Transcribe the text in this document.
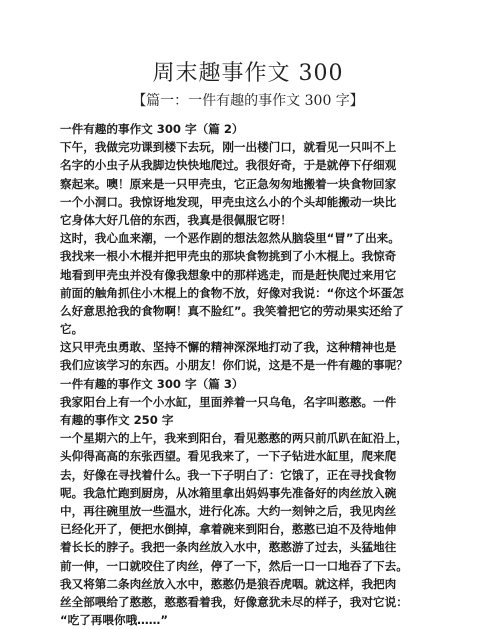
周末趣事作文 300
【篇一：一件有趣的事作文 300 字】
一件有趣的事作文 300 字（篇 2）
下午，我做完功课到楼下去玩，刚一出楼门口，就看见一只叫不上
名字的小虫子从我脚边快快地爬过。我很好奇，于是就停下仔细观
察起来。噢！原来是一只甲壳虫，它正急匆匆地搬着一块食物回家
一个小洞口。我惊讶地发现，甲壳虫这么小的个头却能搬动一块比
它身体大好几倍的东西，我真是很佩服它呀！
这时，我心血来潮，一个恶作剧的想法忽然从脑袋里“冒”了出来。
我找来一根小木棍并把甲壳虫的那块食物挑到了小木棍上。我惊奇
地看到甲壳虫并没有像我想象中的那样逃走，而是赶快爬过来用它
前面的触角抓住小木棍上的食物不放，好像对我说：“你这个坏蛋怎
么好意思抢我的食物啊！真不脸红”。我笑着把它的劳动果实还给了
它。
这只甲壳虫勇敢、坚持不懈的精神深深地打动了我，这种精神也是
我们应该学习的东西。小朋友！你们说，这是不是一件有趣的事呢？
一件有趣的事作文 300 字（篇 3）
我家阳台上有一个小水缸，里面养着一只乌龟，名字叫憨憨。一件
有趣的事作文 250 字
一个星期六的上午，我来到阳台，看见憨憨的两只前爪趴在缸沿上，
头仰得高高的东张西望。看见我来了，一下子钻进水缸里，爬来爬
去，好像在寻找着什么。我一下子明白了：它饿了，正在寻找食物
呢。我急忙跑到厨房，从冰箱里拿出妈妈事先准备好的肉丝放入碗
中，再往碗里放一些温水，进行化冻。大约一刻钟之后，我见肉丝
已经化开了，便把水倒掉，拿着碗来到阳台，憨憨已迫不及待地伸
着长长的脖子。我把一条肉丝放入水中，憨憨游了过去，头猛地往
前一伸，一口就咬住了肉丝，停了一下，然后一口一口地吞了下去。
我又将第二条肉丝放入水中，憨憨仍是狼吞虎咽。就这样，我把肉
丝全部喂给了憨憨，憨憨看着我，好像意犹未尽的样子，我对它说：
“吃了再喂你哦……”
